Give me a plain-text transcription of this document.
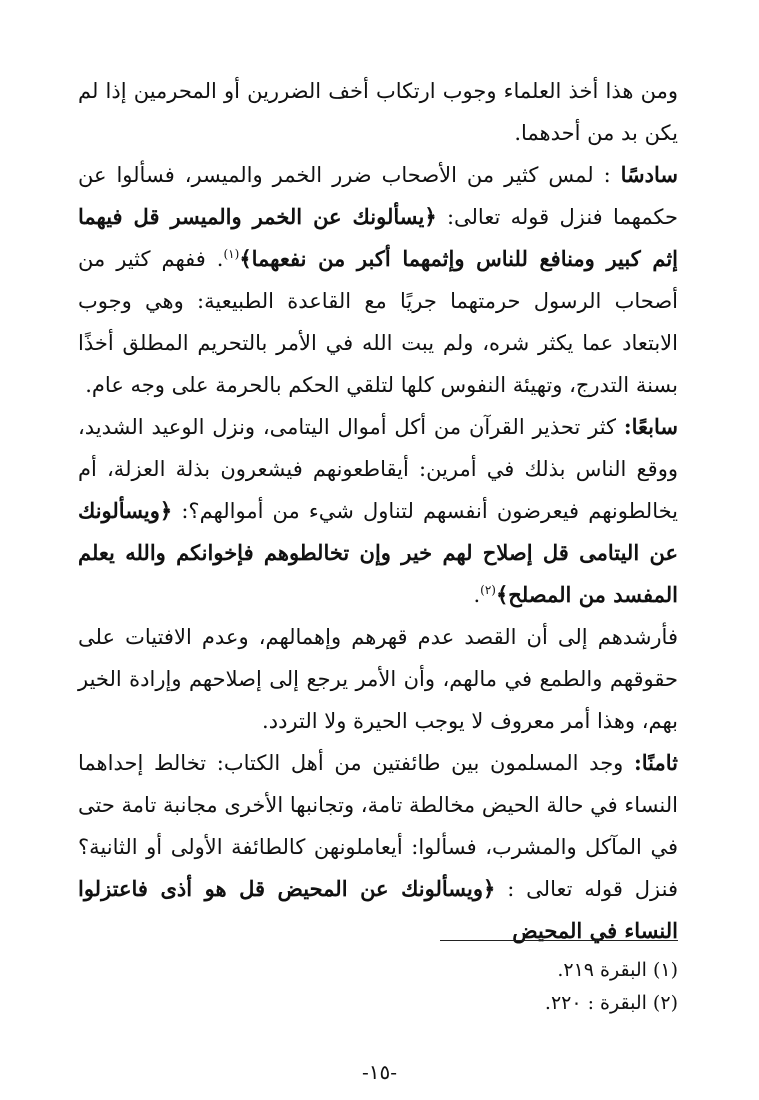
ومن هذا أخذ العلماء وجوب ارتكاب أخف الضررين أو المحرمين إذا لم يكن بد من أحدهما.

سادسًا : لمس كثير من الأصحاب ضرر الخمر والميسر، فسألوا عن حكمهما فنزل قوله تعالى: ﴿يسألونك عن الخمر والميسر قل فيهما إثم كبير ومنافع للناس وإثمهما أكبر من نفعهما﴾$^{(١)}$. ففهم كثير من أصحاب الرسول حرمتهما جريًا مع القاعدة الطبيعية: وهي وجوب الابتعاد عما يكثر شره، ولم يبت الله في الأمر بالتحريم المطلق أخذًا بسنة التدرج، وتهيئة النفوس كلها لتلقي الحكم بالحرمة على وجه عام.

سابعًا: كثر تحذير القرآن من أكل أموال اليتامى، ونزل الوعيد الشديد، ووقع الناس بذلك في أمرين: أيقاطعونهم فيشعرون بذلة العزلة، أم يخالطونهم فيعرضون أنفسهم لتناول شيء من أموالهم؟: ﴿ويسألونك عن اليتامى قل إصلاح لهم خير وإن تخالطوهم فإخوانكم والله يعلم المفسد من المصلح﴾$^{(٢)}$.

فأرشدهم إلى أن القصد عدم قهرهم وإهمالهم، وعدم الافتيات على حقوقهم والطمع في مالهم، وأن الأمر يرجع إلى إصلاحهم وإرادة الخير بهم، وهذا أمر معروف لا يوجب الحيرة ولا التردد.

ثامنًا: وجد المسلمون بين طائفتين من أهل الكتاب: تخالط إحداهما النساء في حالة الحيض مخالطة تامة، وتجانبها الأخرى مجانبة تامة حتى في المآكل والمشرب، فسألوا: أيعاملونهن كالطائفة الأولى أو الثانية؟ فنزل قوله تعالى : ﴿ويسألونك عن المحيض قل هو أذى فاعتزلوا النساء في المحيض

(١) البقرة ٢١٩.

(٢) البقرة : ٢٢٠.

-١٥-
